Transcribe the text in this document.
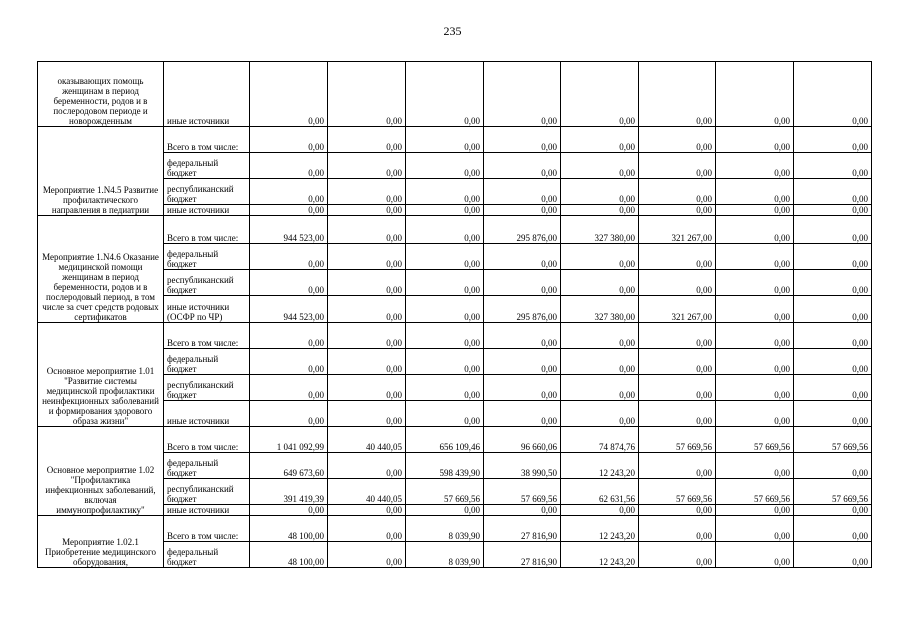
235
оказывающих помощь женщинам в период беременности, родов и в послеродовом периоде и новорожденным	иные источники	0,00	0,00	0,00	0,00	0,00	0,00	0,00	0,00
Мероприятие 1.N4.5 Развитие профилактического направления в педиатрии	Всего в том числе:	0,00	0,00	0,00	0,00	0,00	0,00	0,00	0,00
	федеральный бюджет	0,00	0,00	0,00	0,00	0,00	0,00	0,00	0,00
	республиканский бюджет	0,00	0,00	0,00	0,00	0,00	0,00	0,00	0,00
	иные источники	0,00	0,00	0,00	0,00	0,00	0,00	0,00	0,00
Мероприятие 1.N4.6 Оказание медицинской помощи женщинам в период беременности, родов и в послеродовый период, в том числе за счет средств родовых сертификатов	Всего в том числе:	944 523,00	0,00	0,00	295 876,00	327 380,00	321 267,00	0,00	0,00
	федеральный бюджет	0,00	0,00	0,00	0,00	0,00	0,00	0,00	0,00
	республиканский бюджет	0,00	0,00	0,00	0,00	0,00	0,00	0,00	0,00
	иные источники (ОСФР по ЧР)	944 523,00	0,00	0,00	295 876,00	327 380,00	321 267,00	0,00	0,00
Основное мероприятие 1.01 "Развитие системы медицинской профилактики неинфекционных заболеваний и формирования здорового образа жизни"	Всего в том числе:	0,00	0,00	0,00	0,00	0,00	0,00	0,00	0,00
	федеральный бюджет	0,00	0,00	0,00	0,00	0,00	0,00	0,00	0,00
	республиканский бюджет	0,00	0,00	0,00	0,00	0,00	0,00	0,00	0,00
	иные источники	0,00	0,00	0,00	0,00	0,00	0,00	0,00	0,00
Основное мероприятие 1.02 "Профилактика инфекционных заболеваний, включая иммунопрофилактику"	Всего в том числе:	1 041 092,99	40 440,05	656 109,46	96 660,06	74 874,76	57 669,56	57 669,56	57 669,56
	федеральный бюджет	649 673,60	0,00	598 439,90	38 990,50	12 243,20	0,00	0,00	0,00
	республиканский бюджет	391 419,39	40 440,05	57 669,56	57 669,56	62 631,56	57 669,56	57 669,56	57 669,56
	иные источники	0,00	0,00	0,00	0,00	0,00	0,00	0,00	0,00
Мероприятие 1.02.1 Приобретение медицинского оборудования,	Всего в том числе:	48 100,00	0,00	8 039,90	27 816,90	12 243,20	0,00	0,00	0,00
	федеральный бюджет	48 100,00	0,00	8 039,90	27 816,90	12 243,20	0,00	0,00	0,00
